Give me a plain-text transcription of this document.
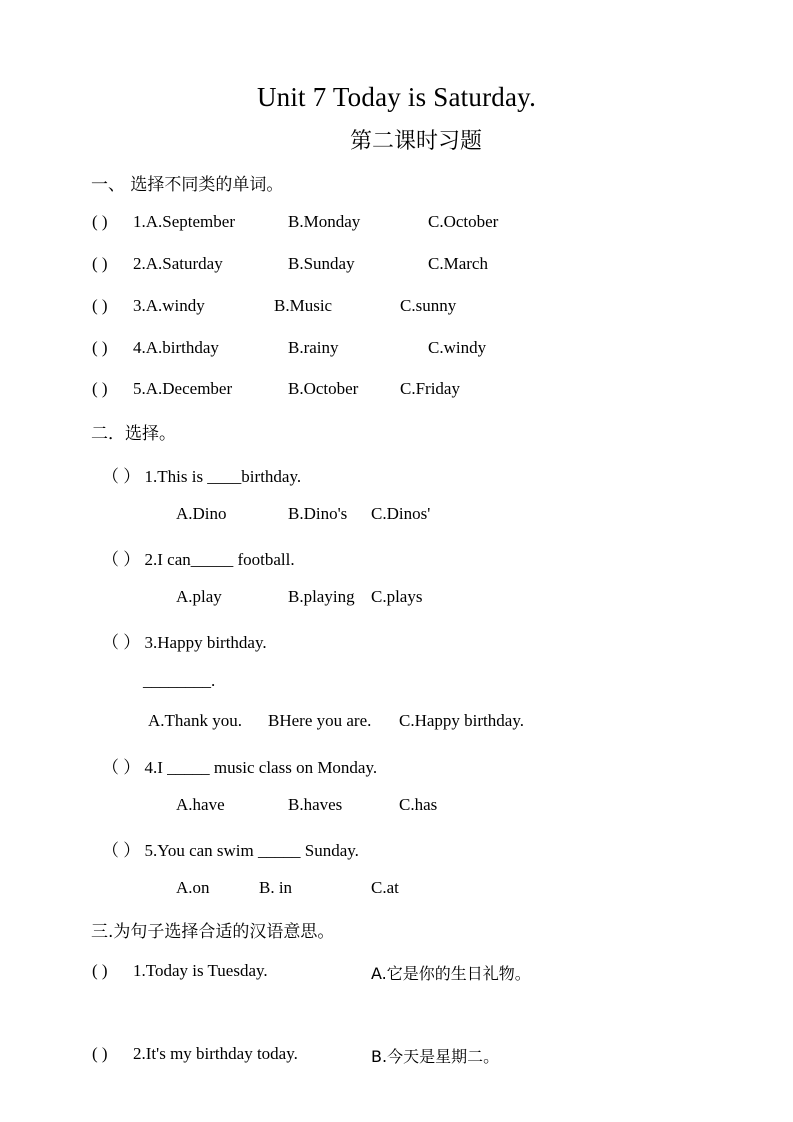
Unit 7 Today is Saturday.
第二课时习题
一、 选择不同类的单词。
( ) 1.A.September	B.Monday	C.October
( ) 2.A.Saturday	B.Sunday	C.March
( ) 3.A.windy	B.Music	C.sunny
( ) 4.A.birthday	B.rainy	C.windy
( ) 5.A.December	B.October C.Friday
二．选择。
（ ） 1.This is ____birthday.
A.Dino	B.Dino's C.Dinos'
（ ） 2.I can_____ football.
A.play	B.playing C.plays
（ ） 3.Happy birthday.
________.
A.Thank you. BHere you are. C.Happy birthday.
（ ） 4.I _____ music class on Monday.
A.have	B.haves	C.has
（ ） 5.You can swim _____ Sunday.
A.on	B. in	C.at
三.为句子选择合适的汉语意思。
( ) 1.Today is Tuesday.	A.它是你的生日礼物。
( ) 2.It's my birthday today.	B.今天是星期二。
